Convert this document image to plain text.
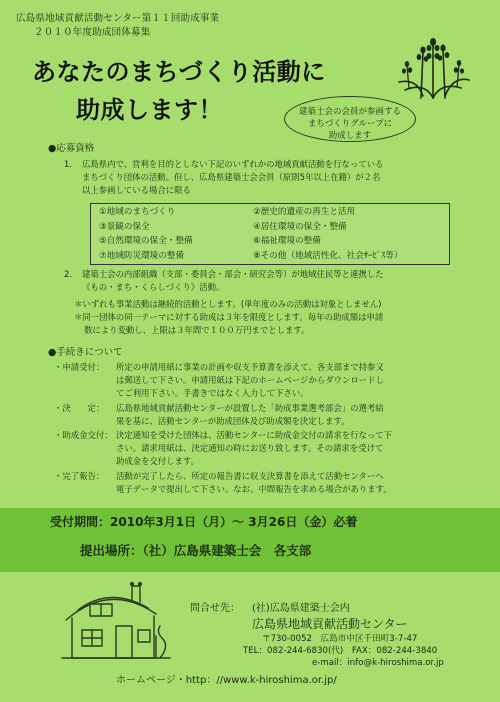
広島県地域貢献活動センター第１１回助成事業
２０１０年度助成団体募集
あなたのまちづくり活動に
助成します！	建築士会の会員が参画する
まちづくりグループに
助成します
●応募資格
1.	広島県内で、営利を目的としない下記のいずれかの地域貢献活動を行なっている
まちづくり団体の活動。但し、広島県建築士会会員（原則5年以上在籍）が２名
以上参画している場合に限る
①地域のまちづくり	②歴史的遺産の再生と活用
③景観の保全	④居住環境の保全・整備
⑤自然環境の保全・整備	⑥福祉環境の整備
⑦地域防災環境の整備	⑧その他（地域活性化、社会ｻｰﾋﾞｽ等）
2.	建築士会の内部組織（支部・委員会・部会・研究会等）が地域住民等と連携した
《もの・まち・くらしづくり》活動。
＊いずれも事業活動は継続的活動とします。(単年度のみの活動は対象としません)
＊同一団体の同一テーマに対する助成は３年を限度とします。毎年の助成額は申請
数により変動し、上限は３年間で１００万円までとします。
●手続きについて
・申請受付：	所定の申請用紙に事業の計画や収支予算書を添えて、各支部まで持参又
は郵送して下さい。申請用紙は下記のホームページからダウンロードし
てご利用下さい。手書きではなく入力して下さい。
・決　　定：	広島県地域貢献活動センターが設置した「助成事業選考部会」の選考結
果を基に、活動センターが助成団体及び助成額を決定します。
・助成金交付： 決定通知を受けた団体は、活動センターに助成金交付の請求を行なって下
さい。請求用紙は、決定通知の時にお送り致します。その請求を受けて
助成金を交付します。
・完了報告：	活動が完了したら、所定の報告書に収支決算書を添えて活動センターへ
電子データで提出して下さい。なお、中間報告を求める場合があります。
受付期間：2010年3月1日（月）～ 3月26日（金）必着
提出場所：（社）広島県建築士会　各支部
問合せ先： (社)広島県建築士会内
広島県地域貢献活動センター
〒730-0052　広島市中区千田町3-7-47
TEL：082-244-6830(代)　FAX：082-244-3840
e-mail：info@k-hiroshima.or.jp
ホームページ・http：//www.k-hiroshima.or.jp/
